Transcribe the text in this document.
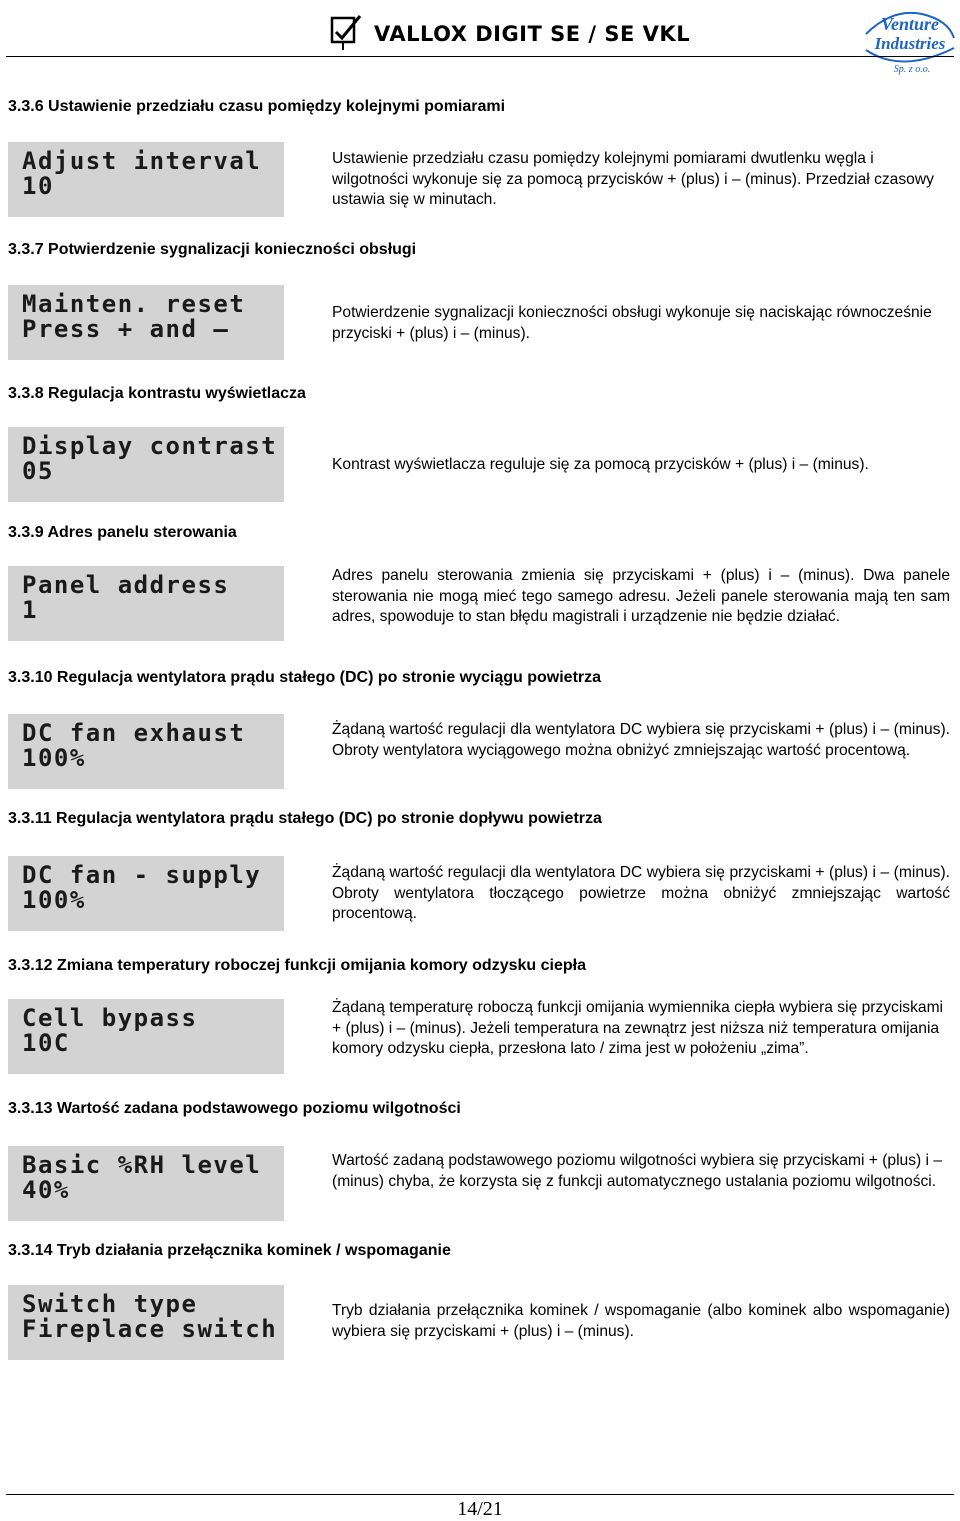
VALLOX DIGIT SE / SE VKL	Venture
Industries
Sp. z o.o.
3.3.6 Ustawienie przedziału czasu pomiędzy kolejnymi pomiarami
Adjust interval
10
Ustawienie przedziału czasu pomiędzy kolejnymi pomiarami dwutlenku węgla i wilgotności wykonuje się za pomocą przycisków + (plus) i – (minus). Przedział czasowy ustawia się w minutach.
3.3.7 Potwierdzenie sygnalizacji konieczności obsługi
Mainten. reset
Press + and –
Potwierdzenie sygnalizacji konieczności obsługi wykonuje się naciskając równocześnie przyciski + (plus) i – (minus).
3.3.8 Regulacja kontrastu wyświetlacza
Display contrast
05	Kontrast wyświetlacza reguluje się za pomocą przycisków + (plus) i – (minus).
3.3.9 Adres panelu sterowania
Panel address
1
Adres panelu sterowania zmienia się przyciskami + (plus) i – (minus). Dwa panele sterowania nie mogą mieć tego samego adresu. Jeżeli panele sterowania mają ten sam adres, spowoduje to stan błędu magistrali i urządzenie nie będzie działać.
3.3.10 Regulacja wentylatora prądu stałego (DC) po stronie wyciągu powietrza
DC fan exhaust
100%
Żądaną wartość regulacji dla wentylatora DC wybiera się przyciskami + (plus) i – (minus). Obroty wentylatora wyciągowego można obniżyć zmniejszając wartość procentową.
3.3.11 Regulacja wentylatora prądu stałego (DC) po stronie dopływu powietrza
DC fan - supply
100%
Żądaną wartość regulacji dla wentylatora DC wybiera się przyciskami + (plus) i – (minus). Obroty wentylatora tłoczącego powietrze można obniżyć zmniejszając wartość procentową.
3.3.12 Zmiana temperatury roboczej funkcji omijania komory odzysku ciepła
Cell bypass
10C
Żądaną temperaturę roboczą funkcji omijania wymiennika ciepła wybiera się przyciskami + (plus) i – (minus). Jeżeli temperatura na zewnątrz jest niższa niż temperatura omijania komory odzysku ciepła, przesłona lato / zima jest w położeniu „zima”.
3.3.13 Wartość zadana podstawowego poziomu wilgotności
Basic %RH level
40%
Wartość zadaną podstawowego poziomu wilgotności wybiera się przyciskami + (plus) i – (minus) chyba, że korzysta się z funkcji automatycznego ustalania poziomu wilgotności.
3.3.14 Tryb działania przełącznika kominek / wspomaganie
Switch type
Fireplace switch
Tryb działania przełącznika kominek / wspomaganie (albo kominek albo wspomaganie) wybiera się przyciskami + (plus) i – (minus).
14/21
